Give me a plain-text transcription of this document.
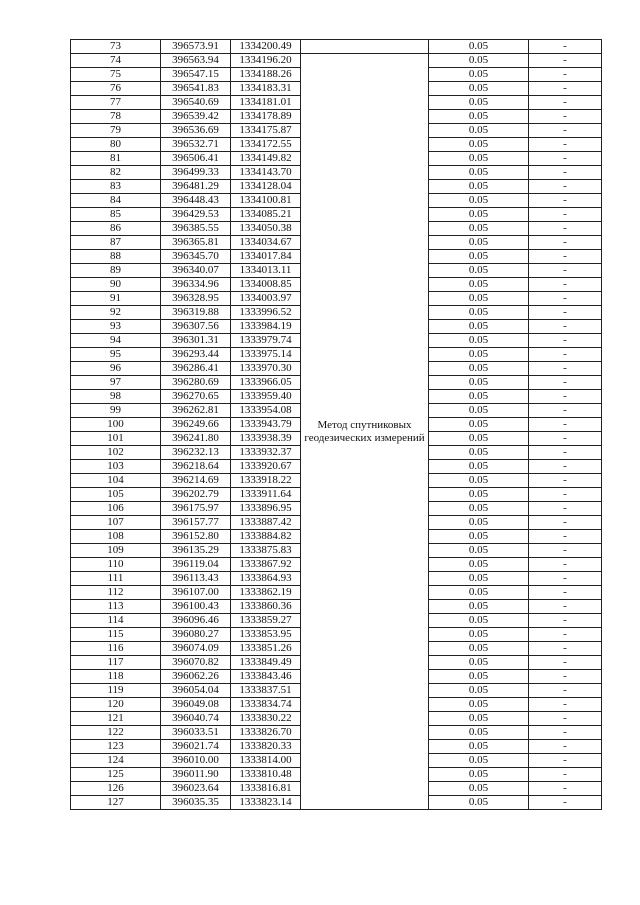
73	396573.91	1334200.49		0.05	-
74	396563.94	1334196.20	Метод спутниковых геодезических измерений	0.05	-
75	396547.15	1334188.26		0.05	-
76	396541.83	1334183.31		0.05	-
77	396540.69	1334181.01		0.05	-
78	396539.42	1334178.89		0.05	-
79	396536.69	1334175.87		0.05	-
80	396532.71	1334172.55		0.05	-
81	396506.41	1334149.82		0.05	-
82	396499.33	1334143.70		0.05	-
83	396481.29	1334128.04		0.05	-
84	396448.43	1334100.81		0.05	-
85	396429.53	1334085.21		0.05	-
86	396385.55	1334050.38		0.05	-
87	396365.81	1334034.67		0.05	-
88	396345.70	1334017.84		0.05	-
89	396340.07	1334013.11		0.05	-
90	396334.96	1334008.85		0.05	-
91	396328.95	1334003.97		0.05	-
92	396319.88	1333996.52		0.05	-
93	396307.56	1333984.19		0.05	-
94	396301.31	1333979.74		0.05	-
95	396293.44	1333975.14		0.05	-
96	396286.41	1333970.30		0.05	-
97	396280.69	1333966.05		0.05	-
98	396270.65	1333959.40		0.05	-
99	396262.81	1333954.08		0.05	-
100	396249.66	1333943.79		0.05	-
101	396241.80	1333938.39		0.05	-
102	396232.13	1333932.37		0.05	-
103	396218.64	1333920.67		0.05	-
104	396214.69	1333918.22		0.05	-
105	396202.79	1333911.64		0.05	-
106	396175.97	1333896.95		0.05	-
107	396157.77	1333887.42		0.05	-
108	396152.80	1333884.82		0.05	-
109	396135.29	1333875.83		0.05	-
110	396119.04	1333867.92		0.05	-
111	396113.43	1333864.93		0.05	-
112	396107.00	1333862.19		0.05	-
113	396100.43	1333860.36		0.05	-
114	396096.46	1333859.27		0.05	-
115	396080.27	1333853.95		0.05	-
116	396074.09	1333851.26		0.05	-
117	396070.82	1333849.49		0.05	-
118	396062.26	1333843.46		0.05	-
119	396054.04	1333837.51		0.05	-
120	396049.08	1333834.74		0.05	-
121	396040.74	1333830.22		0.05	-
122	396033.51	1333826.70		0.05	-
123	396021.74	1333820.33		0.05	-
124	396010.00	1333814.00		0.05	-
125	396011.90	1333810.48		0.05	-
126	396023.64	1333816.81		0.05	-
127	396035.35	1333823.14		0.05	-
